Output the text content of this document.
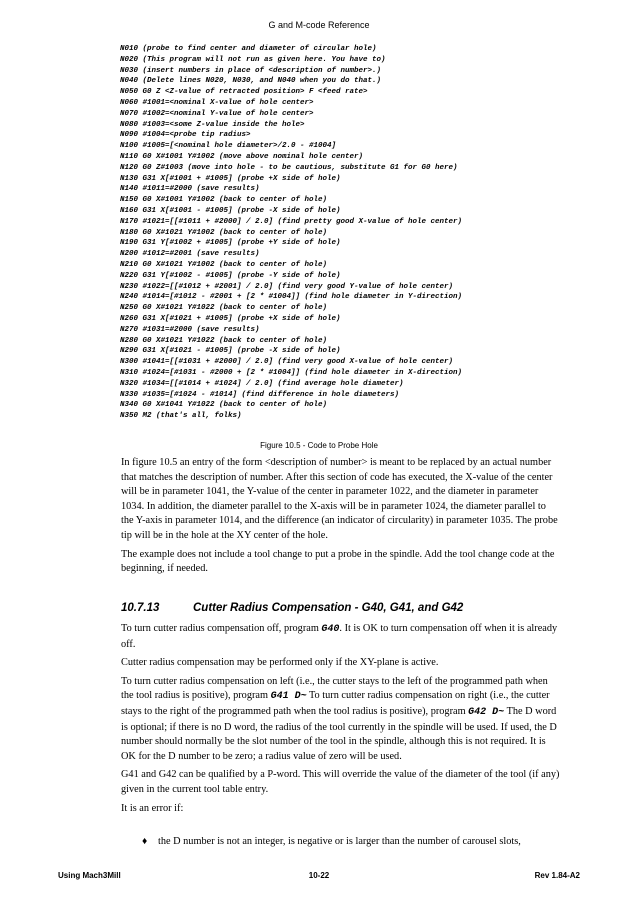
G and M-code Reference
N010 (probe to find center and diameter of circular hole)
N020 (This program will not run as given here. You have to)
N030 (insert numbers in place of <description of number>.)
N040 (Delete lines N020, N030, and N040 when you do that.)
N050 G0 Z <Z-value of retracted position> F <feed rate>
N060 #1001=<nominal X-value of hole center>
N070 #1002=<nominal Y-value of hole center>
N080 #1003=<some Z-value inside the hole>
N090 #1004=<probe tip radius>
N100 #1005=[<nominal hole diameter>/2.0 - #1004]
N110 G0 X#1001 Y#1002 (move above nominal hole center)
N120 G0 Z#1003 (move into hole - to be cautious, substitute G1 for G0 here)
N130 G31 X[#1001 + #1005] (probe +X side of hole)
N140 #1011=#2000 (save results)
N150 G0 X#1001 Y#1002 (back to center of hole)
N160 G31 X[#1001 - #1005] (probe -X side of hole)
N170 #1021=[[#1011 + #2000] / 2.0] (find pretty good X-value of hole center)
N180 G0 X#1021 Y#1002 (back to center of hole)
N190 G31 Y[#1002 + #1005] (probe +Y side of hole)
N200 #1012=#2001 (save results)
N210 G0 X#1021 Y#1002 (back to center of hole)
N220 G31 Y[#1002 - #1005] (probe -Y side of hole)
N230 #1022=[[#1012 + #2001] / 2.0] (find very good Y-value of hole center)
N240 #1014=[#1012 - #2001 + [2 * #1004]] (find hole diameter in Y-direction)
N250 G0 X#1021 Y#1022 (back to center of hole)
N260 G31 X[#1021 + #1005] (probe +X side of hole)
N270 #1031=#2000 (save results)
N280 G0 X#1021 Y#1022 (back to center of hole)
N290 G31 X[#1021 - #1005] (probe -X side of hole)
N300 #1041=[[#1031 + #2000] / 2.0] (find very good X-value of hole center)
N310 #1024=[#1031 - #2000 + [2 * #1004]] (find hole diameter in X-direction)
N320 #1034=[[#1014 + #1024] / 2.0] (find average hole diameter)
N330 #1035=[#1024 - #1014] (find difference in hole diameters)
N340 G0 X#1041 Y#1022 (back to center of hole)
N350 M2 (that's all, folks)
Figure 10.5 - Code to Probe Hole

In figure 10.5 an entry of the form <description of number> is meant to be replaced by an actual number that matches the description of number. After this section of code has executed, the X-value of the center will be in parameter 1041, the Y-value of the center in parameter 1022, and the diameter in parameter 1034. In addition, the diameter parallel to the X-axis will be in parameter 1024, the diameter parallel to the Y-axis in parameter 1014, and the difference (an indicator of circularity) in parameter 1035. The probe tip will be in the hole at the XY center of the hole.

The example does not include a tool change to put a probe in the spindle. Add the tool change code at the beginning, if needed.

10.7.13	Cutter Radius Compensation - G40, G41, and G42

To turn cutter radius compensation off, program G40. It is OK to turn compensation off when it is already off.

Cutter radius compensation may be performed only if the XY-plane is active.

To turn cutter radius compensation on left (i.e., the cutter stays to the left of the programmed path when the tool radius is positive), program G41 D~ To turn cutter radius compensation on right (i.e., the cutter stays to the right of the programmed path when the tool radius is positive), program G42 D~ The D word is optional; if there is no D word, the radius of the tool currently in the spindle will be used. If used, the D number should normally be the slot number of the tool in the spindle, although this is not required. It is OK for the D number to be zero; a radius value of zero will be used.

G41 and G42 can be qualified by a P-word. This will override the value of the diameter of the tool (if any) given in the current tool table entry.

It is an error if:

♦ the D number is not an integer, is negative or is larger than the number of carousel slots,
Using Mach3Mill	10-22	Rev 1.84-A2
